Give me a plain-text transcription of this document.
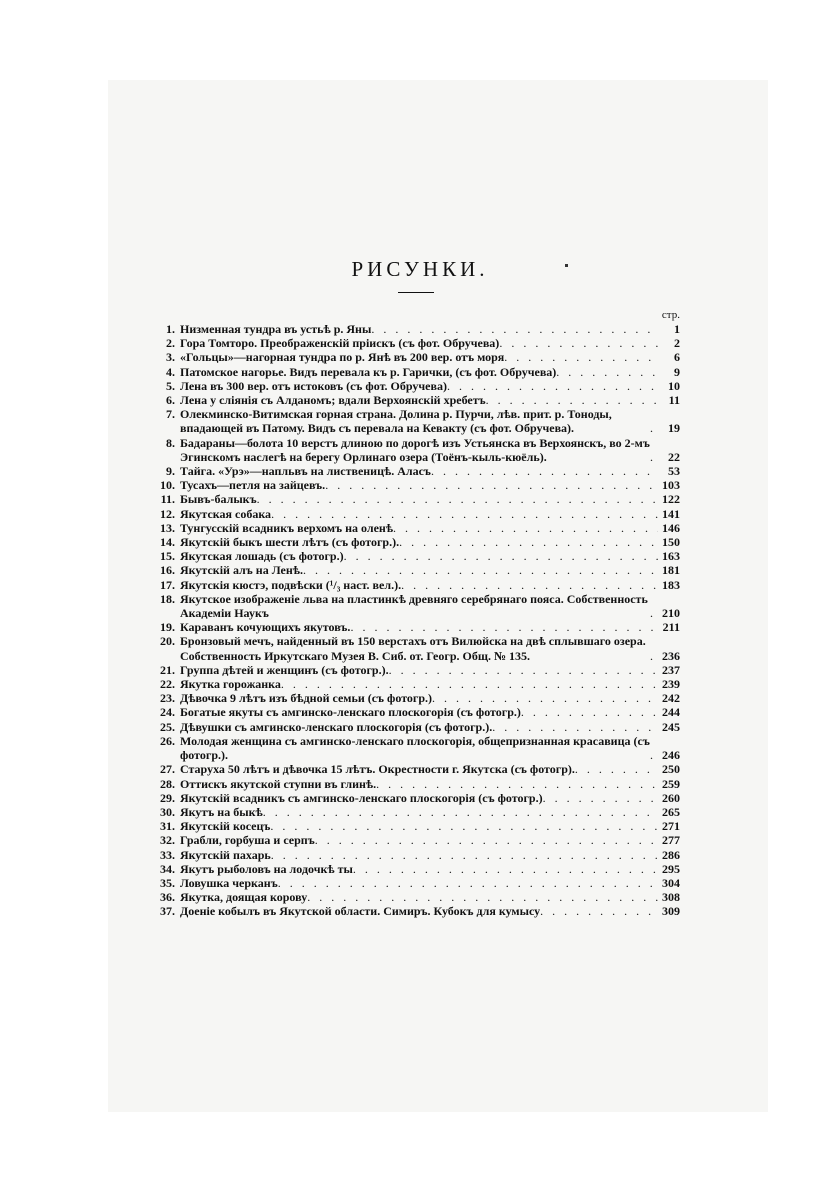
РИСУНКИ.
стр.
1. Низменная тундра въ устьѣ р. Яны . . .	1
2. Гора Томторо. Преображенскій пріискъ (съ фот. Обручева) . . .	2
3. «Гольцы»—нагорная тундра по р. Янѣ въ 200 вер. отъ моря . . .	6
4. Патомское нагорье. Видъ перевала къ р. Гарички, (съ фот. Обручева) . . .	9
5. Лена въ 300 вер. отъ истоковъ (съ фот. Обручева) . . .	10
6. Лена у сліянія съ Алданомъ; вдали Верхоянскій хребетъ . . .	11
7. Олекминско-Витимская горная страна. Долина р. Пурчи, лѣв. прит. р. Тоноды, впадающей въ Патому. Видъ съ перевала на Кевакту (съ фот. Обручева). . . .	19
8. Бадараны—болота 10 верстъ длиною по дорогѣ изъ Устьянска въ Верхоянскъ, во 2-мъ Эгинскомъ наслегѣ на берегу Орлинаго озера (Тоёнъ-кыль-кюёль). . . .	22
9. Тайга. «Урэ»—напльвъ на лиственицѣ. Аласъ . . .	53
10. Тусахъ—петля на зайцевъ. . . .	103
11. Бывъ-балыкъ . . .	122
12. Якутская собака . . .	141
13. Тунгусскій всадникъ верхомъ на оленѣ . . .	146
14. Якутскій быкъ шести лѣтъ (съ фотогр.). . . .	150
15. Якутская лошадь (съ фотогр.) . . .	163
16. Якутскій алъ на Ленѣ. . . .	181
17. Якутскія кюстэ, подвѣски (¹/₃ наст. вел.). . . .	183
18. Якутское изображеніе льва на пластинкѣ древняго серебрянаго пояса. Собственность Академіи Наукъ . . .	210
19. Караванъ кочующихъ якутовъ. . . .	211
20. Бронзовый мечъ, найденный въ 150 верстахъ отъ Вилюйска на двѣ сплывшаго озера. Собственность Иркутскаго Музея В. Сиб. от. Геогр. Общ. № 135. . . .	236
21. Группа дѣтей и женщинъ (съ фотогр.). . . .	237
22. Якутка горожанка . . .	239
23. Дѣвочка 9 лѣтъ изъ бѣдной семьи (съ фотогр.) . . .	242
24. Богатые якуты съ амгинско-ленскаго плоскогорія (съ фотогр.) . . .	244
25. Дѣвушки съ амгинско-ленскаго плоскогорія (съ фотогр.). . . .	245
26. Молодая женщина съ амгинско-ленскаго плоскогорія, общепризнанная красавица (съ фотогр.). . . .	246
27. Старуха 50 лѣтъ и дѣвочка 15 лѣтъ. Окрестности г. Якутска (съ фотогр). . . .	250
28. Оттискъ якутской ступни въ глинѣ. . . .	259
29. Якутскій всадникъ съ амгинско-ленскаго плоскогорія (съ фотогр.) . . .	260
30. Якутъ на быкѣ . . .	265
31. Якутскій косецъ . . .	271
32. Грабли, горбуша и серпъ . . .	277
33. Якутскій пахарь . . .	286
34. Якутъ рыболовъ на лодочкѣ ты . . .	295
35. Ловушка черканъ . . .	304
36. Якутка, доящая корову . . .	308
37. Доеніе кобылъ въ Якутской области. Симиръ. Кубокъ для кумысу . . .	309
